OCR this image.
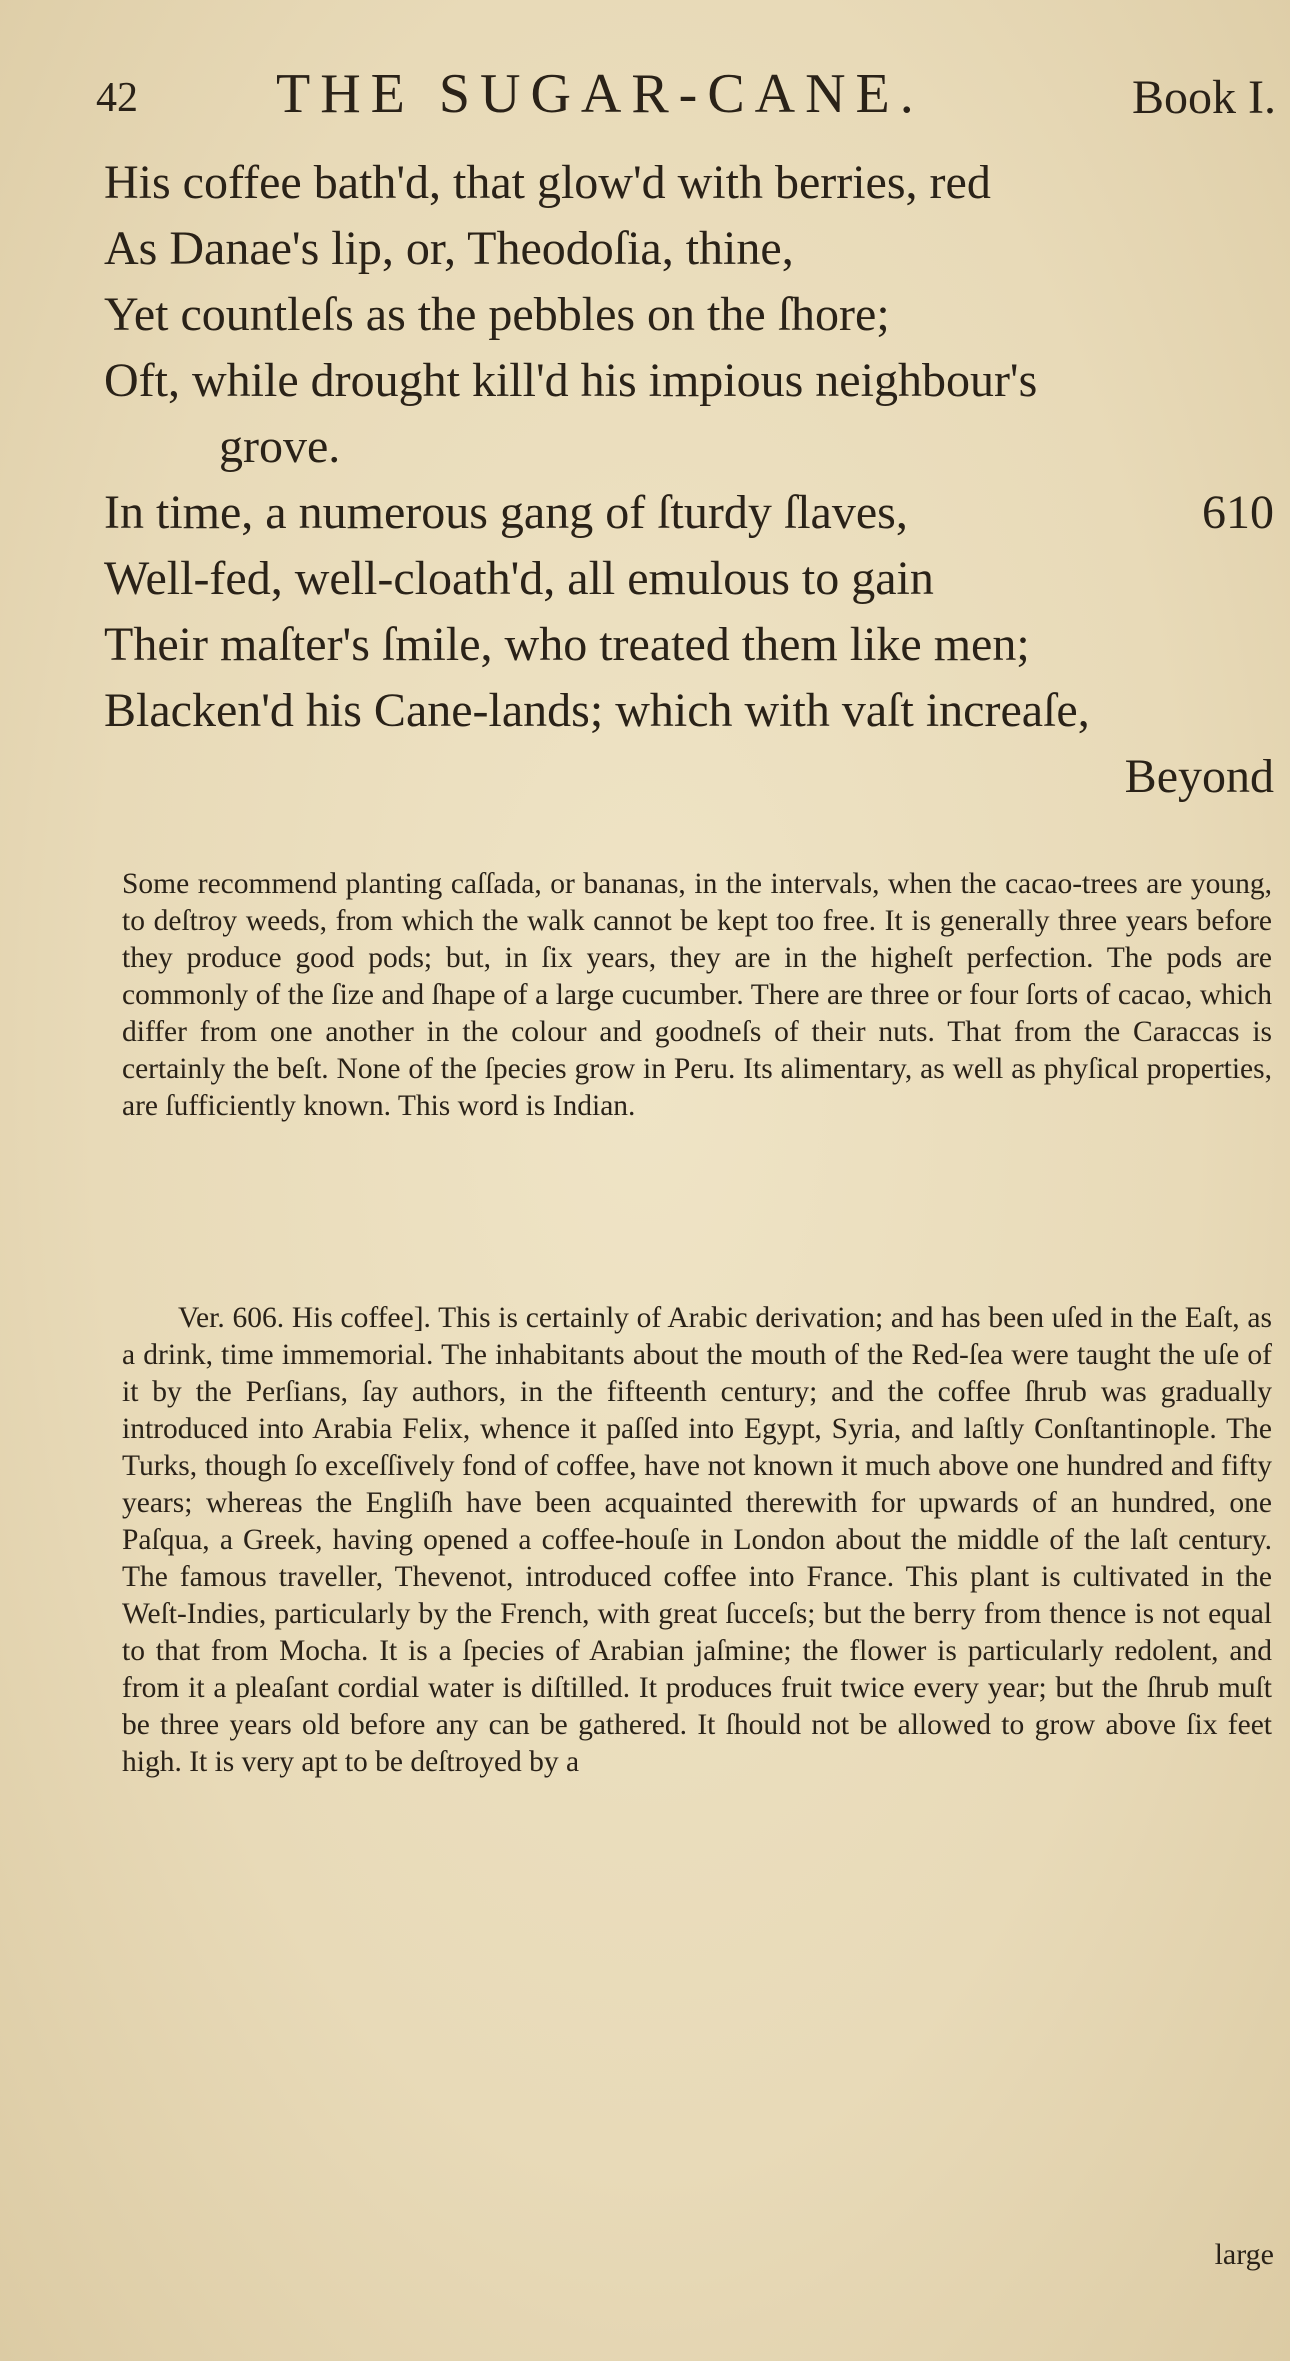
42 THE SUGAR-CANE.	Book I.
His coffee bath'd, that glow'd with berries, red
As Danae's lip, or, Theodoſia, thine,
Yet countleſs as the pebbles on the ſhore;
Oft, while drought kill'd his impious neighbour's
grove.
In time, a numerous gang of ſturdy ſlaves,	610
Well-fed, well-cloath'd, all emulous to gain
Their maſter's ſmile, who treated them like men;
Blacken'd his Cane-lands; which with vaſt increaſe,
Beyond
Some recommend planting caſſada, or bananas, in the intervals, when the cacao-trees are young, to deſtroy weeds, from which the walk cannot be kept too free. It is generally three years before they produce good pods; but, in ſix years, they are in the higheſt perfection. The pods are commonly of the ſize and ſhape of a large cucumber. There are three or four ſorts of cacao, which differ from one another in the colour and goodneſs of their nuts. That from the Caraccas is certainly the beſt. None of the ſpecies grow in Peru. Its alimentary, as well as phyſical properties, are ſufficiently known. This word is Indian.
Ver. 606. His coffee]. This is certainly of Arabic derivation; and has been uſed in the Eaſt, as a drink, time immemorial. The inhabitants about the mouth of the Red-ſea were taught the uſe of it by the Perſians, ſay authors, in the fifteenth century; and the coffee ſhrub was gradually introduced into Arabia Felix, whence it paſſed into Egypt, Syria, and laſtly Conſtantinople. The Turks, though ſo exceſſively fond of coffee, have not known it much above one hundred and fifty years; whereas the Engliſh have been acquainted therewith for upwards of an hundred, one Paſqua, a Greek, having opened a coffee-houſe in London about the middle of the laſt century. The famous traveller, Thevenot, introduced coffee into France. This plant is cultivated in the Weſt-Indies, particularly by the French, with great ſucceſs; but the berry from thence is not equal to that from Mocha. It is a ſpecies of Arabian jaſmine; the flower is particularly redolent, and from it a pleaſant cordial water is diſtilled. It produces fruit twice every year; but the ſhrub muſt be three years old before any can be gathered. It ſhould not be allowed to grow above ſix feet high. It is very apt to be deſtroyed by a
large
